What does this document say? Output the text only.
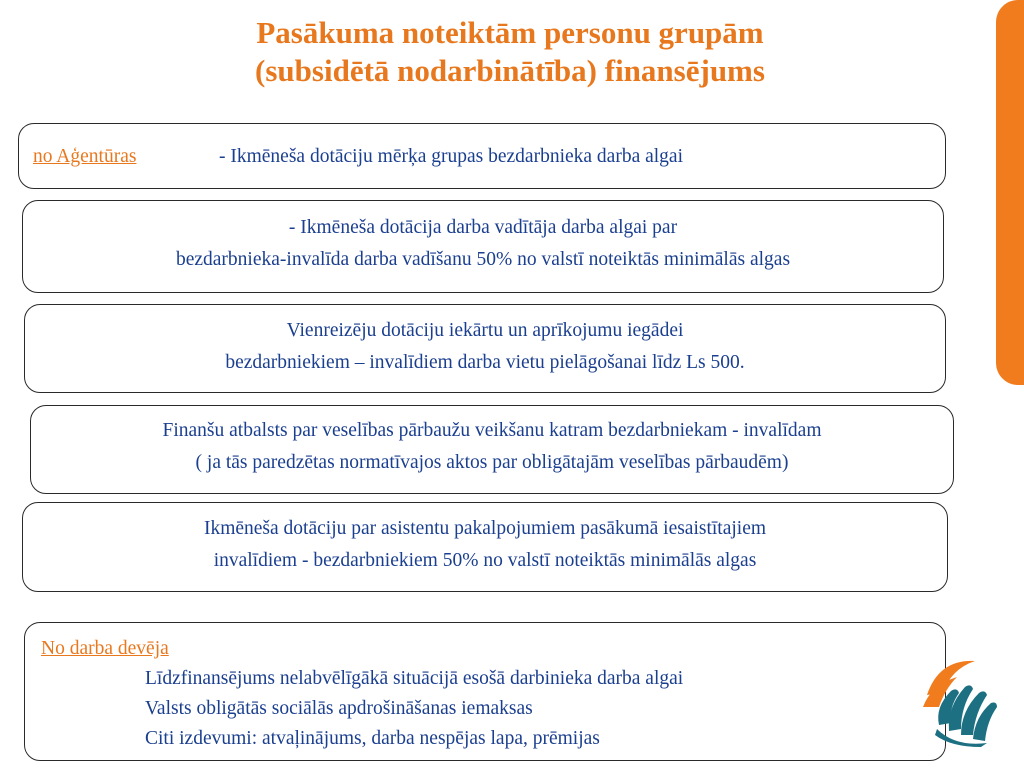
Pasākuma noteiktām personu grupām
(subsidētā nodarbinātība) finansējums
no Aģentūras	- Ikmēneša dotāciju mērķa grupas bezdarbnieka darba algai
- Ikmēneša dotācija darba vadītāja darba algai par
bezdarbnieka-invalīda darba vadīšanu 50% no valstī noteiktās minimālās algas
Vienreizēju dotāciju iekārtu un aprīkojumu iegādei
bezdarbniekiem – invalīdiem darba vietu pielāgošanai līdz Ls 500.
Finanšu atbalsts par veselības pārbaužu veikšanu katram bezdarbniekam - invalīdam
( ja tās paredzētas normatīvajos aktos par obligātajām veselības pārbaudēm)
Ikmēneša dotāciju par asistentu pakalpojumiem pasākumā iesaistītajiem
invalīdiem - bezdarbniekiem 50% no valstī noteiktās minimālās algas
No darba devēja
Līdzfinansējums nelabvēlīgākā situācijā esošā darbinieka darba algai
Valsts obligātās sociālās apdrošināšanas iemaksas
Citi izdevumi: atvaļinājums, darba nespējas lapa, prēmijas
